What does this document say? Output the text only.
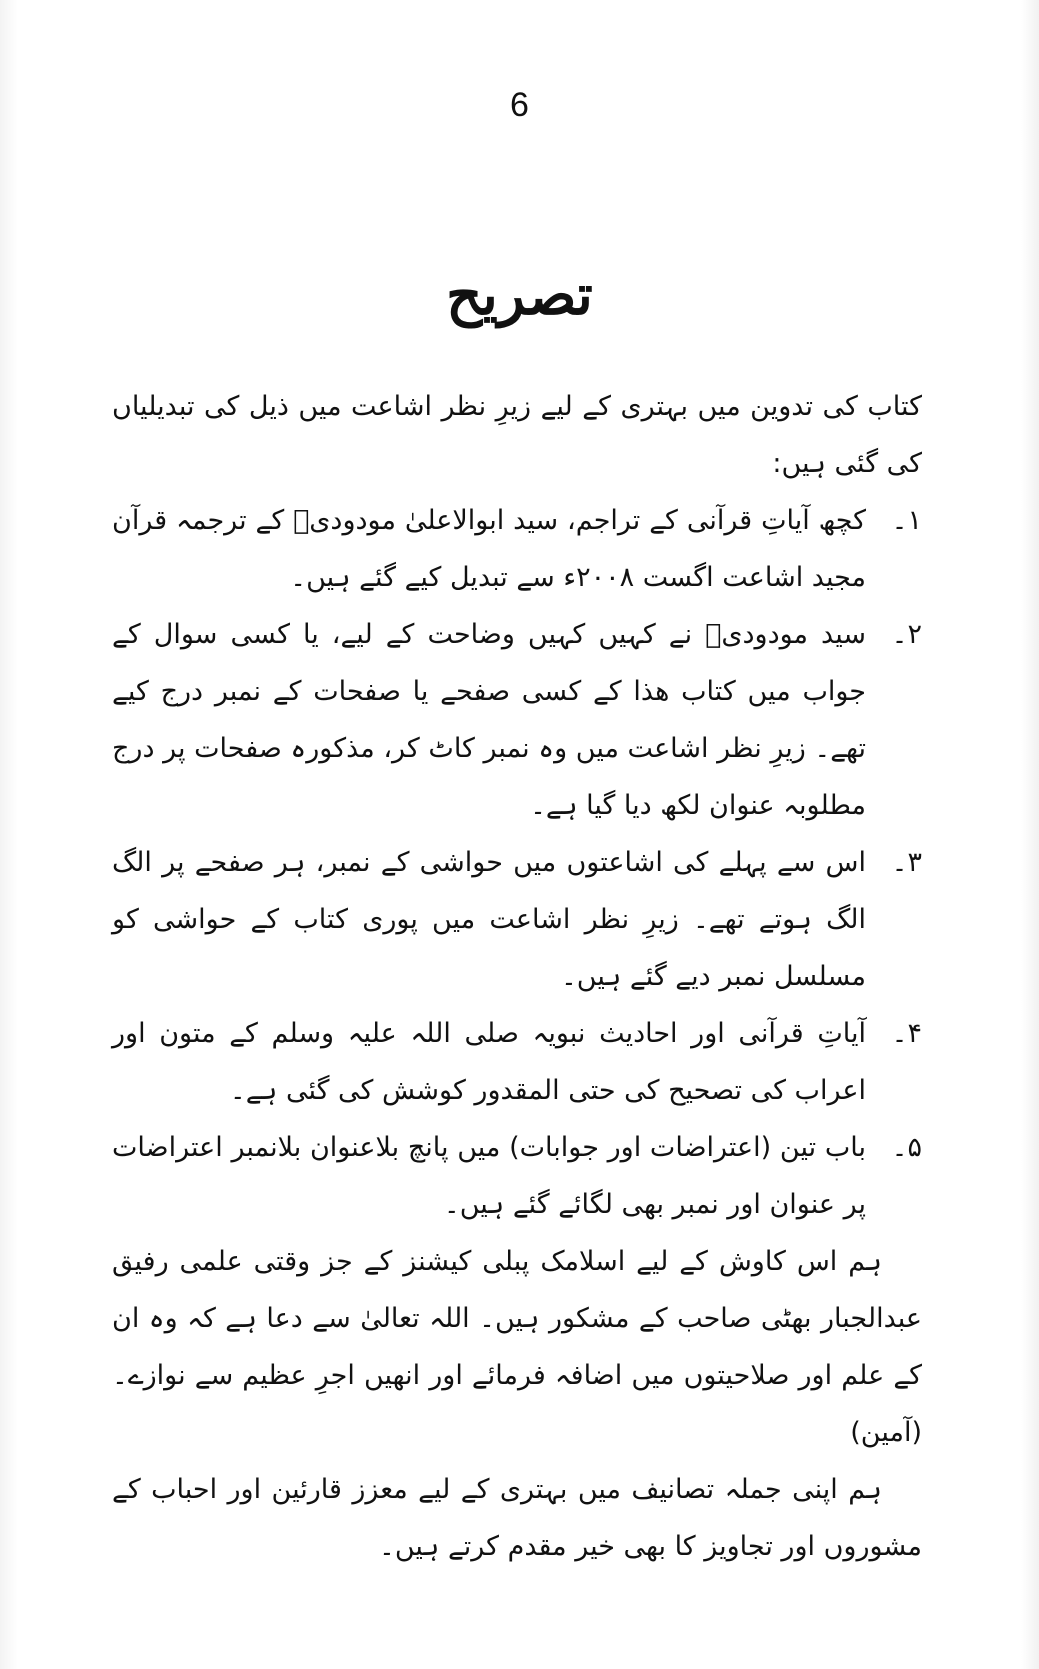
6
تصریح

کتاب کی تدوین میں بہتری کے لیے زیرِ نظر اشاعت میں ذیل کی تبدیلیاں کی گئی ہیں:

۱۔

کچھ آیاتِ قرآنی کے تراجم، سید ابوالاعلیٰ مودودیؒ کے ترجمہ قرآن مجید اشاعت اگست ۲۰۰۸ء سے تبدیل کیے گئے ہیں۔

۲۔

سید مودودیؒ نے کہیں کہیں وضاحت کے لیے، یا کسی سوال کے جواب میں کتاب ھذا کے کسی صفحے یا صفحات کے نمبر درج کیے تھے۔ زیرِ نظر اشاعت میں وہ نمبر کاٹ کر، مذکورہ صفحات پر درج مطلوبہ عنوان لکھ دیا گیا ہے۔

۳۔

اس سے پہلے کی اشاعتوں میں حواشی کے نمبر، ہر صفحے پر الگ الگ ہوتے تھے۔ زیرِ نظر اشاعت میں پوری کتاب کے حواشی کو مسلسل نمبر دیے گئے ہیں۔

۴۔

آیاتِ قرآنی اور احادیث نبویہ صلی اللہ علیہ وسلم کے متون اور اعراب کی تصحیح کی حتی المقدور کوشش کی گئی ہے۔

۵۔

باب تین (اعتراضات اور جوابات) میں پانچ بلاعنوان بلانمبر اعتراضات پر عنوان اور نمبر بھی لگائے گئے ہیں۔

ہم اس کاوش کے لیے اسلامک پبلی کیشنز کے جز وقتی علمی رفیق عبدالجبار بھٹی صاحب کے مشکور ہیں۔ اللہ تعالیٰ سے دعا ہے کہ وہ ان کے علم اور صلاحیتوں میں اضافہ فرمائے اور انھیں اجرِ عظیم سے نوازے۔ (آمین)

ہم اپنی جملہ تصانیف میں بہتری کے لیے معزز قارئین اور احباب کے مشوروں اور تجاویز کا بھی خیر مقدم کرتے ہیں۔
